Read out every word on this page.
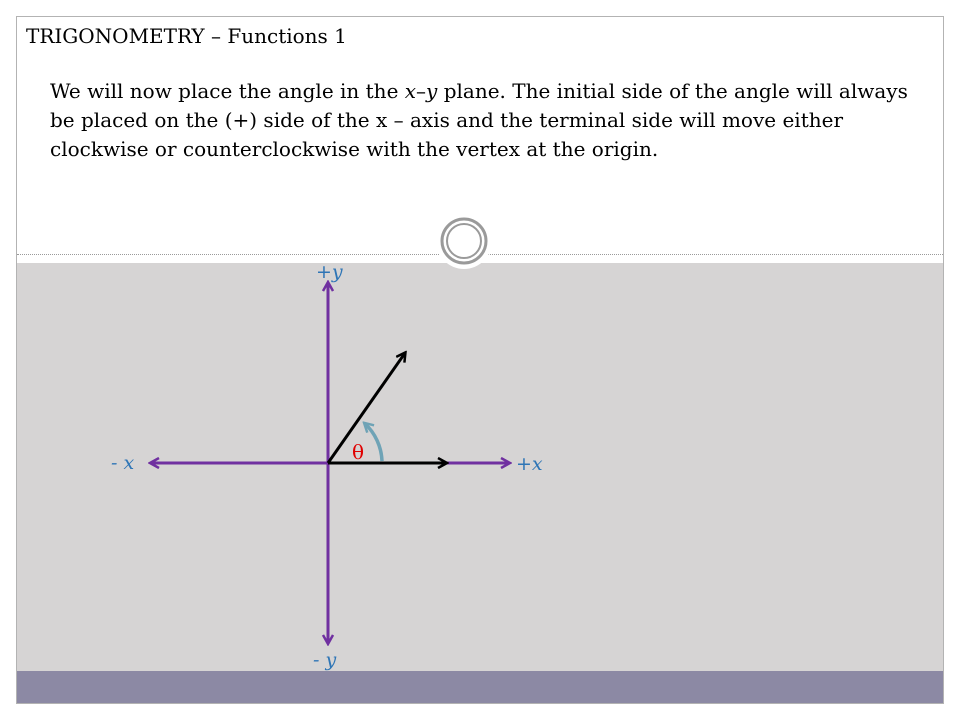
TRIGONOMETRY – Functions 1
We will now place the angle in the x–y plane. The initial side of the angle will always be placed on the (+) side of the x – axis and the terminal side will move either clockwise or counterclockwise with the vertex at the origin.
θ
+y
- y
+x
- x
